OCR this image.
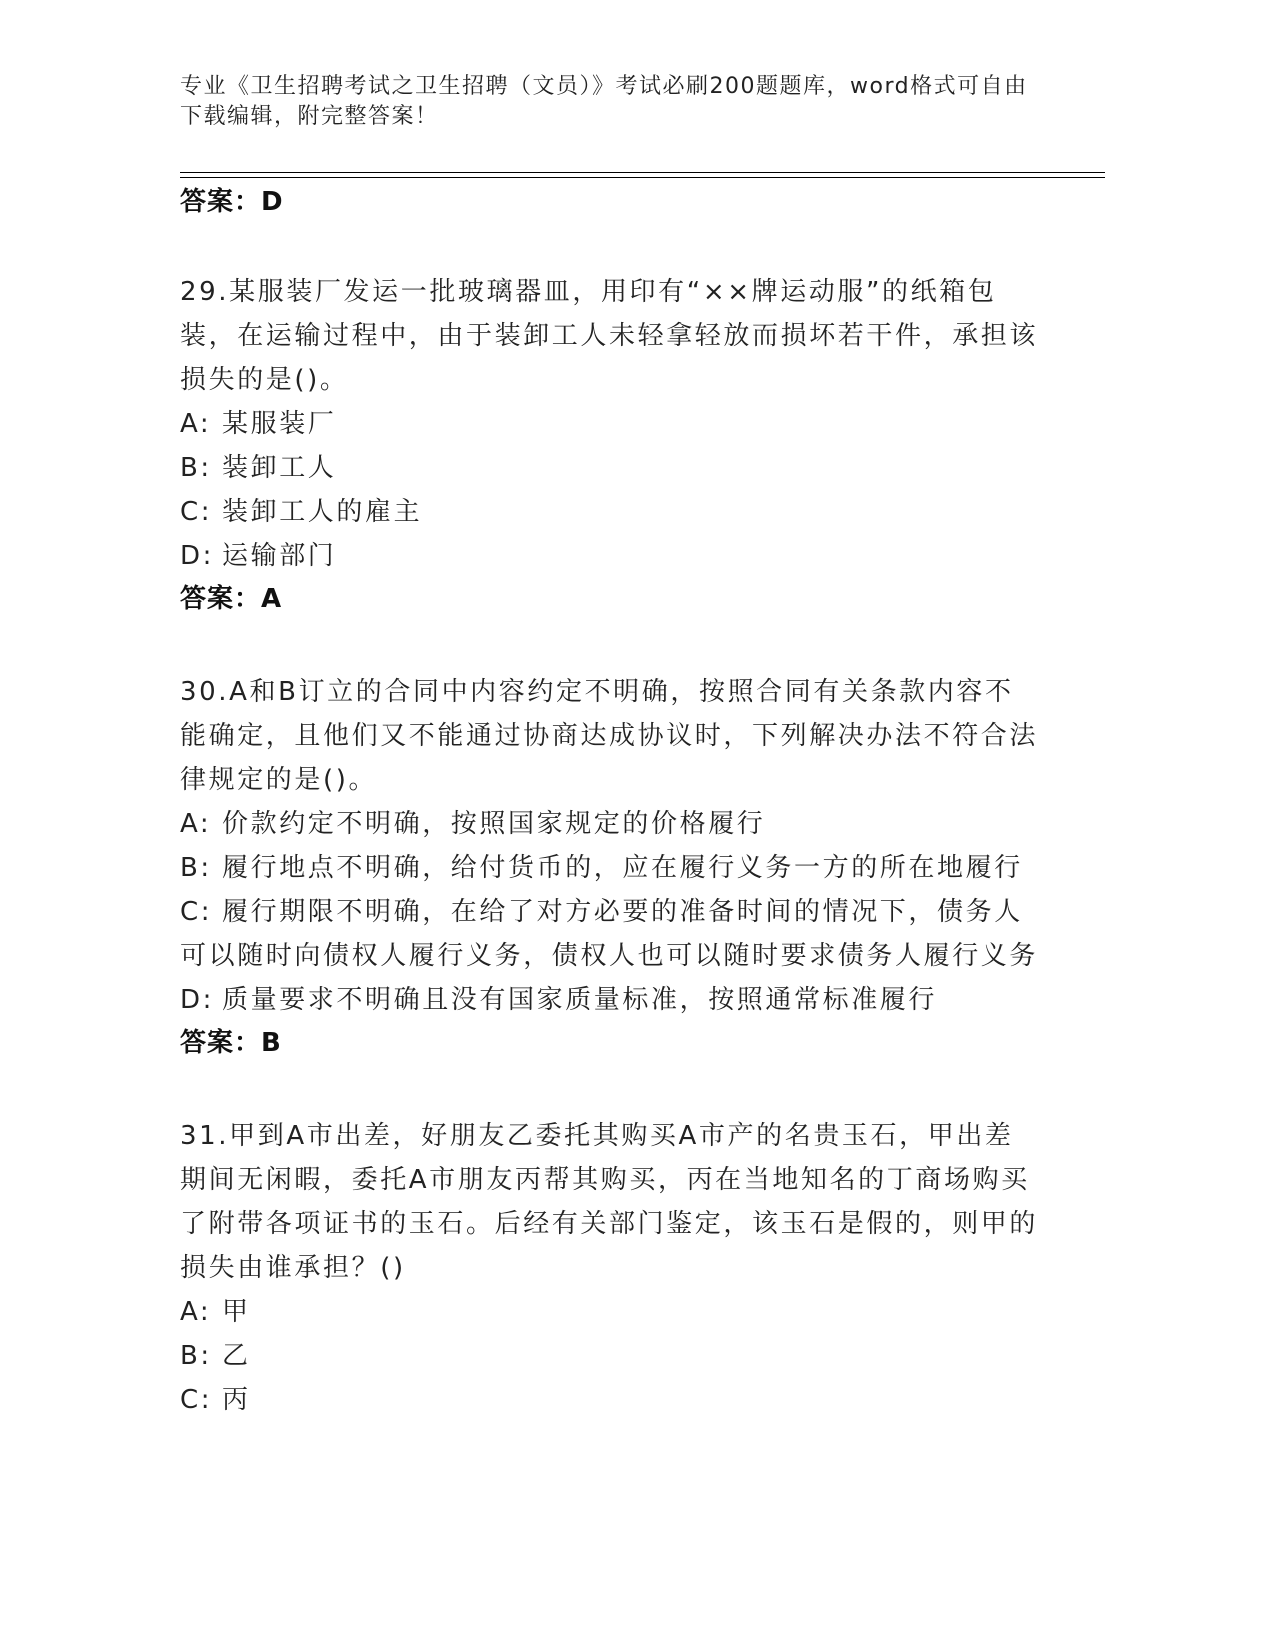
专业《卫生招聘考试之卫生招聘（文员）》考试必刷200题题库，word格式可自由下载编辑，附完整答案！
答案：D
29.某服装厂发运一批玻璃器皿，用印有“××牌运动服”的纸箱包装，在运输过程中，由于装卸工人未轻拿轻放而损坏若干件，承担该损失的是()。
A: 某服装厂
B: 装卸工人
C: 装卸工人的雇主
D: 运输部门
答案：A
30.A和B订立的合同中内容约定不明确，按照合同有关条款内容不能确定，且他们又不能通过协商达成协议时，下列解决办法不符合法律规定的是()。
A: 价款约定不明确，按照国家规定的价格履行
B: 履行地点不明确，给付货币的，应在履行义务一方的所在地履行
C: 履行期限不明确，在给了对方必要的准备时间的情况下，债务人可以随时向债权人履行义务，债权人也可以随时要求债务人履行义务
D: 质量要求不明确且没有国家质量标准，按照通常标准履行
答案：B
31.甲到A市出差，好朋友乙委托其购买A市产的名贵玉石，甲出差期间无闲暇，委托A市朋友丙帮其购买，丙在当地知名的丁商场购买了附带各项证书的玉石。后经有关部门鉴定，该玉石是假的，则甲的损失由谁承担？()
A: 甲
B: 乙
C: 丙
